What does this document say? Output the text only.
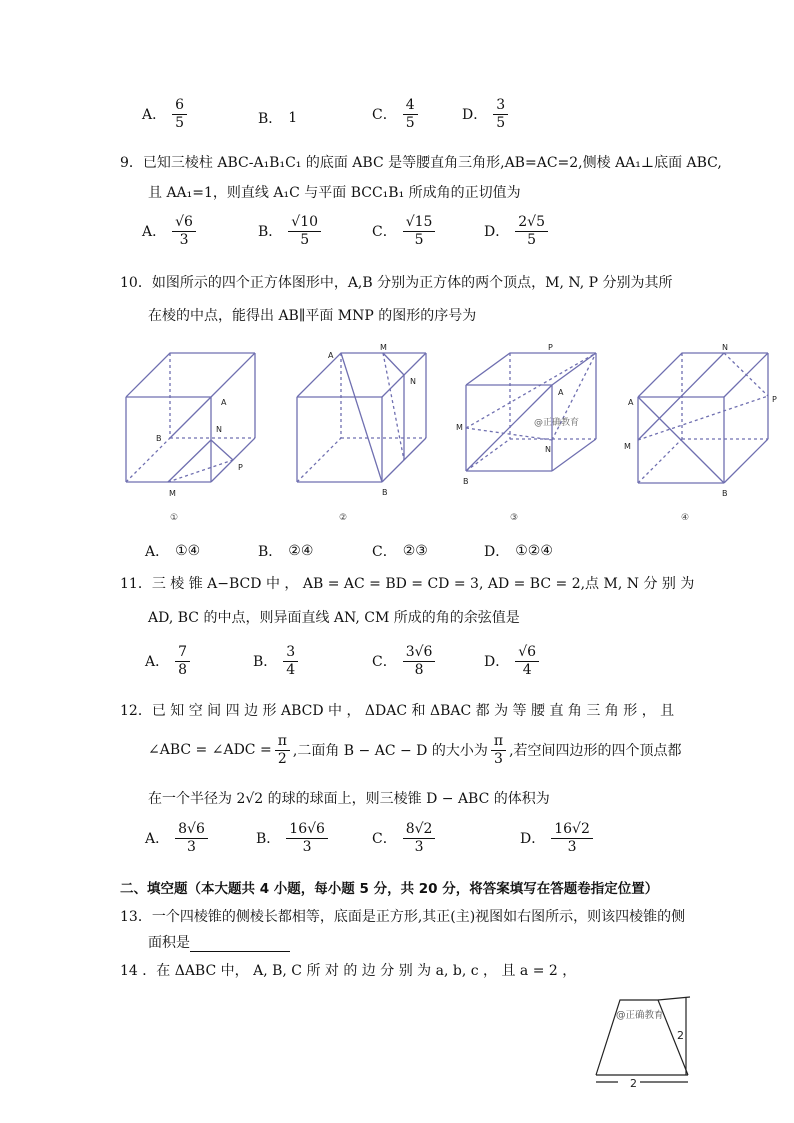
A． $\frac{6}{5}$	B． 1	C． $\frac{4}{5}$	D． $\frac{3}{5}$
9．已知三棱柱 ABC-A₁B₁C₁ 的底面 ABC 是等腰直角三角形,AB=AC=2,侧棱 AA₁⊥底面 ABC,
且 AA₁=1，则直线 A₁C 与平面 BCC₁B₁ 所成角的正切值为
A． $\frac{√6}{3}$	B． $\frac{√10}{5}$	C． $\frac{√15}{5}$	D． $\frac{2√5}{5}$
10．如图所示的四个正方体图形中，A,B 分别为正方体的两个顶点，M, N, P 分别为其所
在棱的中点，能得出 AB∥平面 MNP 的图形的序号为
A
B
N
P
M
A
M
N
B
P
A
M
N
B
N
A	P
M
B
@正确教育
①	②	③	④
A． ①④	B． ②④	C． ②③	D． ①②④
11．三 棱 锥 A−BCD 中 ， AB = AC = BD = CD = 3, AD = BC = 2,点 M, N 分 别 为
AD, BC 的中点，则异面直线 AN, CM 所成的角的余弦值是
A． $\frac{7}{8}$	B． $\frac{3}{4}$	C． $\frac{3√6}{8}$	D． $\frac{√6}{4}$
12．已 知 空 间 四 边 形 ABCD 中 ， ΔDAC 和 ΔBAC 都 为 等 腰 直 角 三 角 形 ， 且
∠ABC = ∠ADC = $\frac{\pi}{2}$ ,二面角 B − AC − D 的大小为 $\frac{\pi}{3}$ ,若空间四边形的四个顶点都
在一个半径为 2√2 的球的球面上，则三棱锥 D − ABC 的体积为
A． $\frac{8√6}{3}$	B． $\frac{16√6}{3}$	C． $\frac{8√2}{3}$	D． $\frac{16√2}{3}$
二、填空题（本大题共 4 小题，每小题 5 分，共 20 分，将答案填写在答题卷指定位置）
13．一个四棱锥的侧棱长都相等，底面是正方形,其正(主)视图如右图所示，则该四棱锥的侧
面积是
14 ．在 ΔABC 中， A, B, C 所 对 的 边 分 别 为 a, b, c ， 且 a = 2 ，
@正确教育
2
2
